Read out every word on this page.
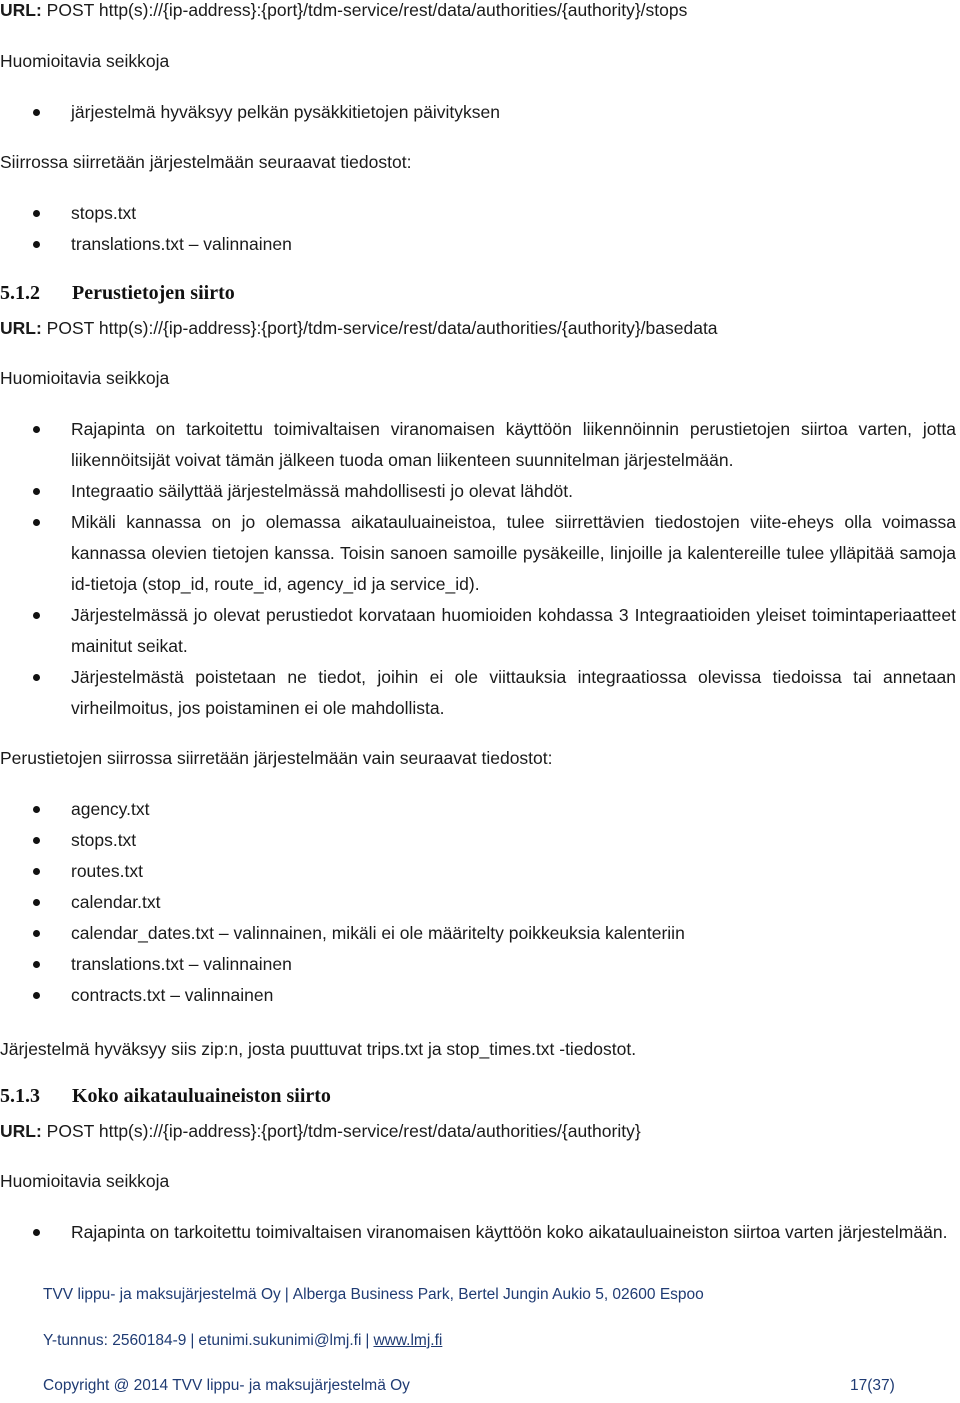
URL: POST http(s)://{ip-address}:{port}/tdm-service/rest/data/authorities/{authority}/stops

Huomioitavia seikkoja

järjestelmä hyväksyy pelkän pysäkkitietojen päivityksen

Siirrossa siirretään järjestelmään seuraavat tiedostot:

stops.txt
translations.txt – valinnainen
5.1.2 Perustietojen siirto

URL: POST http(s)://{ip-address}:{port}/tdm-service/rest/data/authorities/{authority}/basedata

Huomioitavia seikkoja

Rajapinta on tarkoitettu toimivaltaisen viranomaisen käyttöön liikennöinnin perustietojen siirtoa varten, jotta liikennöitsijät voivat tämän jälkeen tuoda oman liikenteen suunnitelman järjestelmään.
Integraatio säilyttää järjestelmässä mahdollisesti jo olevat lähdöt.
Mikäli kannassa on jo olemassa aikatauluaineistoa, tulee siirrettävien tiedostojen viite-eheys olla voimassa kannassa olevien tietojen kanssa. Toisin sanoen samoille pysäkeille, linjoille ja kalentereille tulee ylläpitää samoja id-tietoja (stop_id, route_id, agency_id ja service_id).
Järjestelmässä jo olevat perustiedot korvataan huomioiden kohdassa 3 Integraatioiden yleiset toimintaperiaatteet mainitut seikat.
Järjestelmästä poistetaan ne tiedot, joihin ei ole viittauksia integraatiossa olevissa tiedoissa tai annetaan virheilmoitus, jos poistaminen ei ole mahdollista.

Perustietojen siirrossa siirretään järjestelmään vain seuraavat tiedostot:

agency.txt
stops.txt
routes.txt
calendar.txt
calendar_dates.txt – valinnainen, mikäli ei ole määritelty poikkeuksia kalenteriin
translations.txt – valinnainen
contracts.txt – valinnainen

Järjestelmä hyväksyy siis zip:n, josta puuttuvat trips.txt ja stop_times.txt -tiedostot.

5.1.3 Koko aikatauluaineiston siirto

URL: POST http(s)://{ip-address}:{port}/tdm-service/rest/data/authorities/{authority}

Huomioitavia seikkoja

Rajapinta on tarkoitettu toimivaltaisen viranomaisen käyttöön koko aikatauluaineiston siirtoa varten järjestelmään.
TVV lippu- ja maksujärjestelmä Oy | Alberga Business Park, Bertel Jungin Aukio 5, 02600 Espoo
Y-tunnus: 2560184-9 | etunimi.sukunimi@lmj.fi | www.lmj.fi
Copyright @ 2014 TVV lippu- ja maksujärjestelmä Oy	17(37)
